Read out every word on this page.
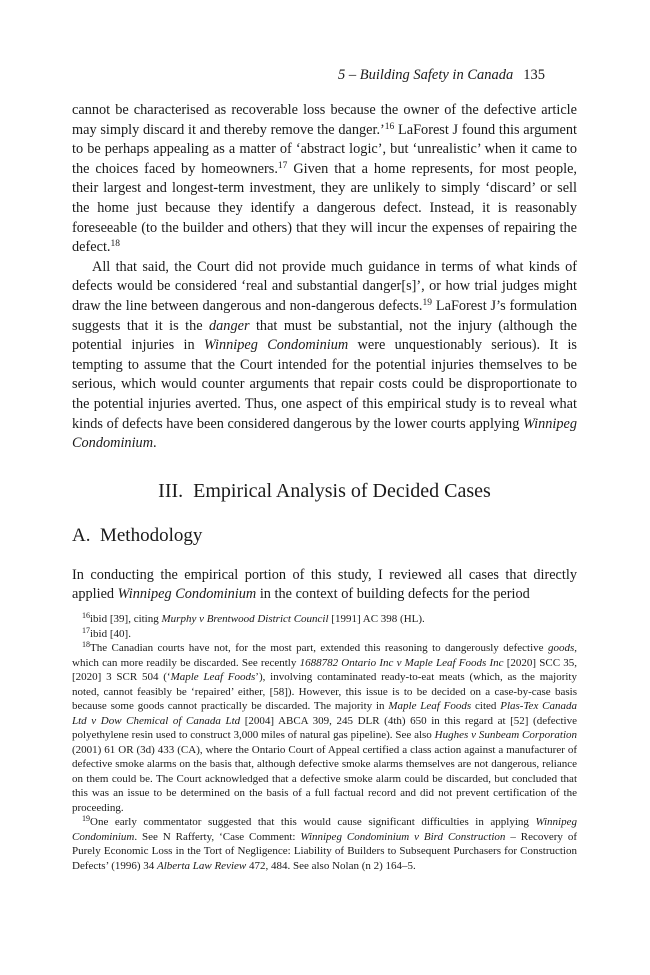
5 – Building Safety in Canada 135

cannot be characterised as recoverable loss because the owner of the defective article may simply discard it and thereby remove the danger.’$^{16}$ LaForest J found this argument to be perhaps appealing as a matter of ‘abstract logic’, but ‘unrealistic’ when it came to the choices faced by homeowners.$^{17}$ Given that a home represents, for most people, their largest and longest-term investment, they are unlikely to simply ‘discard’ or sell the home just because they identify a dangerous defect. Instead, it is reasonably foreseeable (to the builder and others) that they will incur the expenses of repairing the defect.$^{18}$

All that said, the Court did not provide much guidance in terms of what kinds of defects would be considered ‘real and substantial danger[s]’, or how trial judges might draw the line between dangerous and non-dangerous defects.$^{19}$ LaForest J’s formulation suggests that it is the danger that must be substantial, not the injury (although the potential injuries in Winnipeg Condominium were unquestionably serious). It is tempting to assume that the Court intended for the potential injuries themselves to be serious, which would counter arguments that repair costs could be disproportionate to the potential injuries averted. Thus, one aspect of this empirical study is to reveal what kinds of defects have been considered dangerous by the lower courts applying Winnipeg Condominium.

III. Empirical Analysis of Decided Cases
A. Methodology

In conducting the empirical portion of this study, I reviewed all cases that directly applied Winnipeg Condominium in the context of building defects for the period

$^{16}$ibid [39], citing Murphy v Brentwood District Council [1991] AC 398 (HL).

$^{17}$ibid [40].

$^{18}$The Canadian courts have not, for the most part, extended this reasoning to dangerously defective goods, which can more readily be discarded. See recently 1688782 Ontario Inc v Maple Leaf Foods Inc [2020] SCC 35, [2020] 3 SCR 504 (‘Maple Leaf Foods’), involving contaminated ready-to-eat meats (which, as the majority noted, cannot feasibly be ‘repaired’ either, [58]). However, this issue is to be decided on a case-by-case basis because some goods cannot practically be discarded. The majority in Maple Leaf Foods cited Plas-Tex Canada Ltd v Dow Chemical of Canada Ltd [2004] ABCA 309, 245 DLR (4th) 650 in this regard at [52] (defective polyethylene resin used to construct 3,000 miles of natural gas pipeline). See also Hughes v Sunbeam Corporation (2001) 61 OR (3d) 433 (CA), where the Ontario Court of Appeal certified a class action against a manufacturer of defective smoke alarms on the basis that, although defective smoke alarms themselves are not dangerous, reliance on them could be. The Court acknowledged that a defective smoke alarm could be discarded, but concluded that this was an issue to be determined on the basis of a full factual record and did not prevent certification of the proceeding.

$^{19}$One early commentator suggested that this would cause significant difficulties in applying Winnipeg Condominium. See N Rafferty, ‘Case Comment: Winnipeg Condominium v Bird Construction – Recovery of Purely Economic Loss in the Tort of Negligence: Liability of Builders to Subsequent Purchasers for Construction Defects’ (1996) 34 Alberta Law Review 472, 484. See also Nolan (n 2) 164–5.
